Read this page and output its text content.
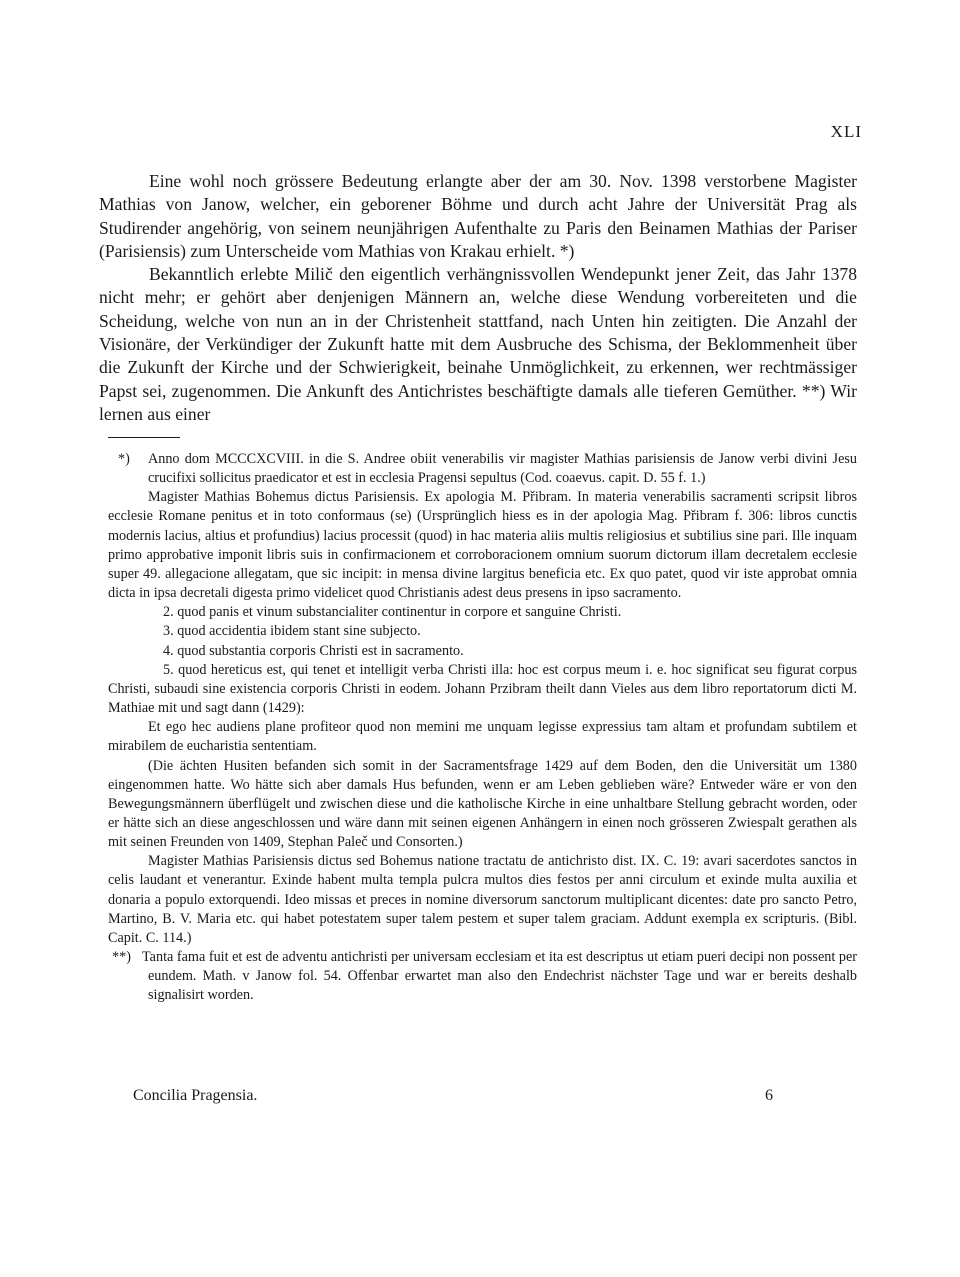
XLI

Eine wohl noch grössere Bedeutung erlangte aber der am 30. Nov. 1398 verstorbene Magister Mathias von Janow, welcher, ein geborener Böhme und durch acht Jahre der Universität Prag als Studirender angehörig, von seinem neunjährigen Aufenthalte zu Paris den Beinamen Mathias der Pariser (Parisiensis) zum Unterscheide vom Mathias von Krakau erhielt. *)

Bekanntlich erlebte Milič den eigentlich verhängnissvollen Wendepunkt jener Zeit, das Jahr 1378 nicht mehr; er gehört aber denjenigen Männern an, welche diese Wendung vorbereiteten und die Scheidung, welche von nun an in der Christenheit stattfand, nach Unten hin zeitigten. Die Anzahl der Visionäre, der Verkündiger der Zukunft hatte mit dem Ausbruche des Schisma, der Beklommenheit über die Zukunft der Kirche und der Schwierigkeit, beinahe Unmöglichkeit, zu erkennen, wer rechtmässiger Papst sei, zugenommen. Die Ankunft des Antichristes beschäftigte damals alle tieferen Gemüther. **) Wir lernen aus einer

*) Anno dom MCCCXCVIII. in die S. Andree obiit venerabilis vir magister Mathias parisiensis de Janow verbi divini Jesu crucifixi sollicitus praedicator et est in ecclesia Pragensi sepultus (Cod. coaevus. capit. D. 55 f. 1.)

Magister Mathias Bohemus dictus Parisiensis. Ex apologia M. Přibram. In materia venerabilis sacramenti scripsit libros ecclesie Romane penitus et in toto conformaus (se) (Ursprünglich hiess es in der apologia Mag. Přibram f. 306: libros cunctis modernis lacius, altius et profundius) lacius processit (quod) in hac materia aliis multis religiosius et subtilius sine pari. Ille inquam primo approbative imponit libris suis in confirmacionem et corroboracionem omnium suorum dictorum illam decretalem ecclesie super 49. allegacione allegatam, que sic incipit: in mensa divine largitus beneficia etc. Ex quo patet, quod vir iste approbat omnia dicta in ipsa decretali digesta primo videlicet quod Christianis adest deus presens in ipso sacramento.

2. quod panis et vinum substancialiter continentur in corpore et sanguine Christi.

3. quod accidentia ibidem stant sine subjecto.

4. quod substantia corporis Christi est in sacramento.

5. quod hereticus est, qui tenet et intelligit verba Christi illa: hoc est corpus meum i. e. hoc significat seu figurat corpus Christi, subaudi sine existencia corporis Christi in eodem. Johann Przibram theilt dann Vieles aus dem libro reportatorum dicti M. Mathiae mit und sagt dann (1429):

Et ego hec audiens plane profiteor quod non memini me unquam legisse expressius tam altam et profundam subtilem et mirabilem de eucharistia sententiam.

(Die ächten Husiten befanden sich somit in der Sacramentsfrage 1429 auf dem Boden, den die Universität um 1380 eingenommen hatte. Wo hätte sich aber damals Hus befunden, wenn er am Leben geblieben wäre? Entweder wäre er von den Bewegungsmännern überflügelt und zwischen diese und die katholische Kirche in eine unhaltbare Stellung gebracht worden, oder er hätte sich an diese angeschlossen und wäre dann mit seinen eigenen Anhängern in einen noch grösseren Zwiespalt gerathen als mit seinen Freunden von 1409, Stephan Paleč und Consorten.)

Magister Mathias Parisiensis dictus sed Bohemus natione tractatu de antichristo dist. IX. C. 19: avari sacerdotes sanctos in celis laudant et venerantur. Exinde habent multa templa pulcra multos dies festos per anni circulum et exinde multa auxilia et donaria a populo extorquendi. Ideo missas et preces in nomine diversorum sanctorum multiplicant dicentes: date pro sancto Petro, Martino, B. V. Maria etc. qui habet potestatem super talem pestem et super talem graciam. Addunt exempla ex scripturis. (Bibl. Capit. C. 114.)

**) Tanta fama fuit et est de adventu antichristi per universam ecclesiam et ita est descriptus ut etiam pueri decipi non possent per eundem. Math. v Janow fol. 54. Offenbar erwartet man also den Endechrist nächster Tage und war er bereits deshalb signalisirt worden.

Concilia Pragensia.	6
